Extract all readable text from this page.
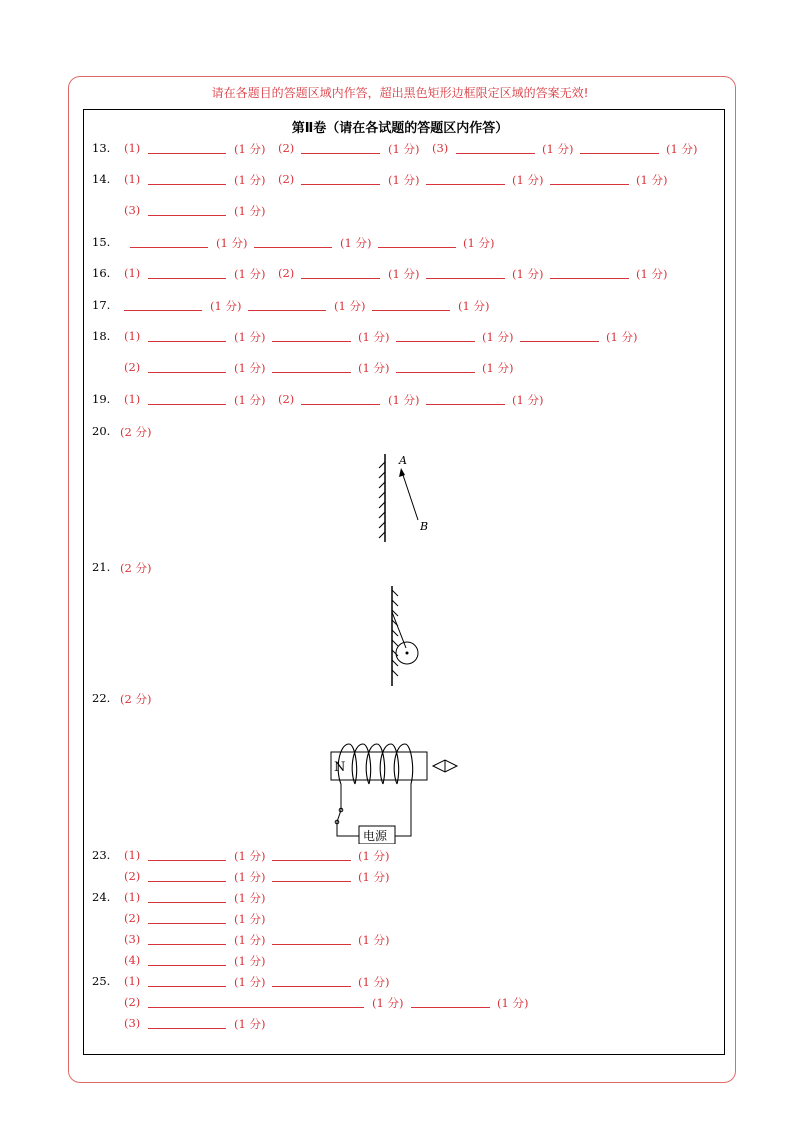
请在各题目的答题区域内作答，超出黑色矩形边框限定区域的答案无效!
第Ⅱ卷（请在各试题的答题区内作答）
13. (1)	(1 分) (2)	(1 分) (3)	(1 分)	(1 分)
14. (1)	(1 分) (2)	(1 分)	(1 分)	(1 分)
(3)	(1 分)
15.	(1 分)	(1 分)	(1 分)
16. (1)	(1 分) (2)	(1 分)	(1 分)	(1 分)
17.	(1 分)	(1 分)	(1 分)
18. (1)	(1 分)	(1 分)	(1 分)	(1 分)
(2)	(1 分)	(1 分)	(1 分)
19. (1)	(1 分) (2)	(1 分)	(1 分)
20. (2 分)
A
B
21. (2 分)
22. (2 分)
N
电源
23. (1)	(1 分)	(1 分)
(2)	(1 分)	(1 分)
24. (1)	(1 分)
(2)	(1 分)
(3)	(1 分)	(1 分)
(4)	(1 分)
25. (1)	(1 分)	(1 分)
(2)	(1 分)	(1 分)
(3)	(1 分)
